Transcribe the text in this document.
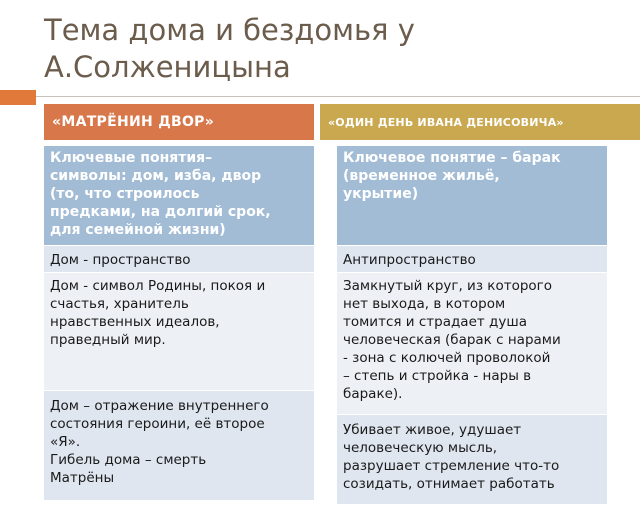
Тема дома и бездомья у
А.Солженицына
«МАТРЁНИН ДВОР»	«ОДИН ДЕНЬ ИВАНА ДЕНИСОВИЧА»
Ключевые понятия–
символы: дом, изба, двор
(то, что строилось
предками, на долгий срок,
для семейной жизни)
Дом - пространство
Дом - символ Родины, покоя и
счастья, хранитель
нравственных идеалов,
праведный мир.
Дом – отражение внутреннего
состояния героини, её второе
«Я».
Гибель дома – смерть
Матрёны
Ключевое понятие – барак
(временное жильё,
укрытие)
Антипространство
Замкнутый круг, из которого
нет выхода, в котором
томится и страдает душа
человеческая (барак с нарами
- зона с колючей проволокой
– степь и стройка - нары в
бараке).
Убивает живое, удушает
человеческую мысль,
разрушает стремление что-то
созидать, отнимает работать
